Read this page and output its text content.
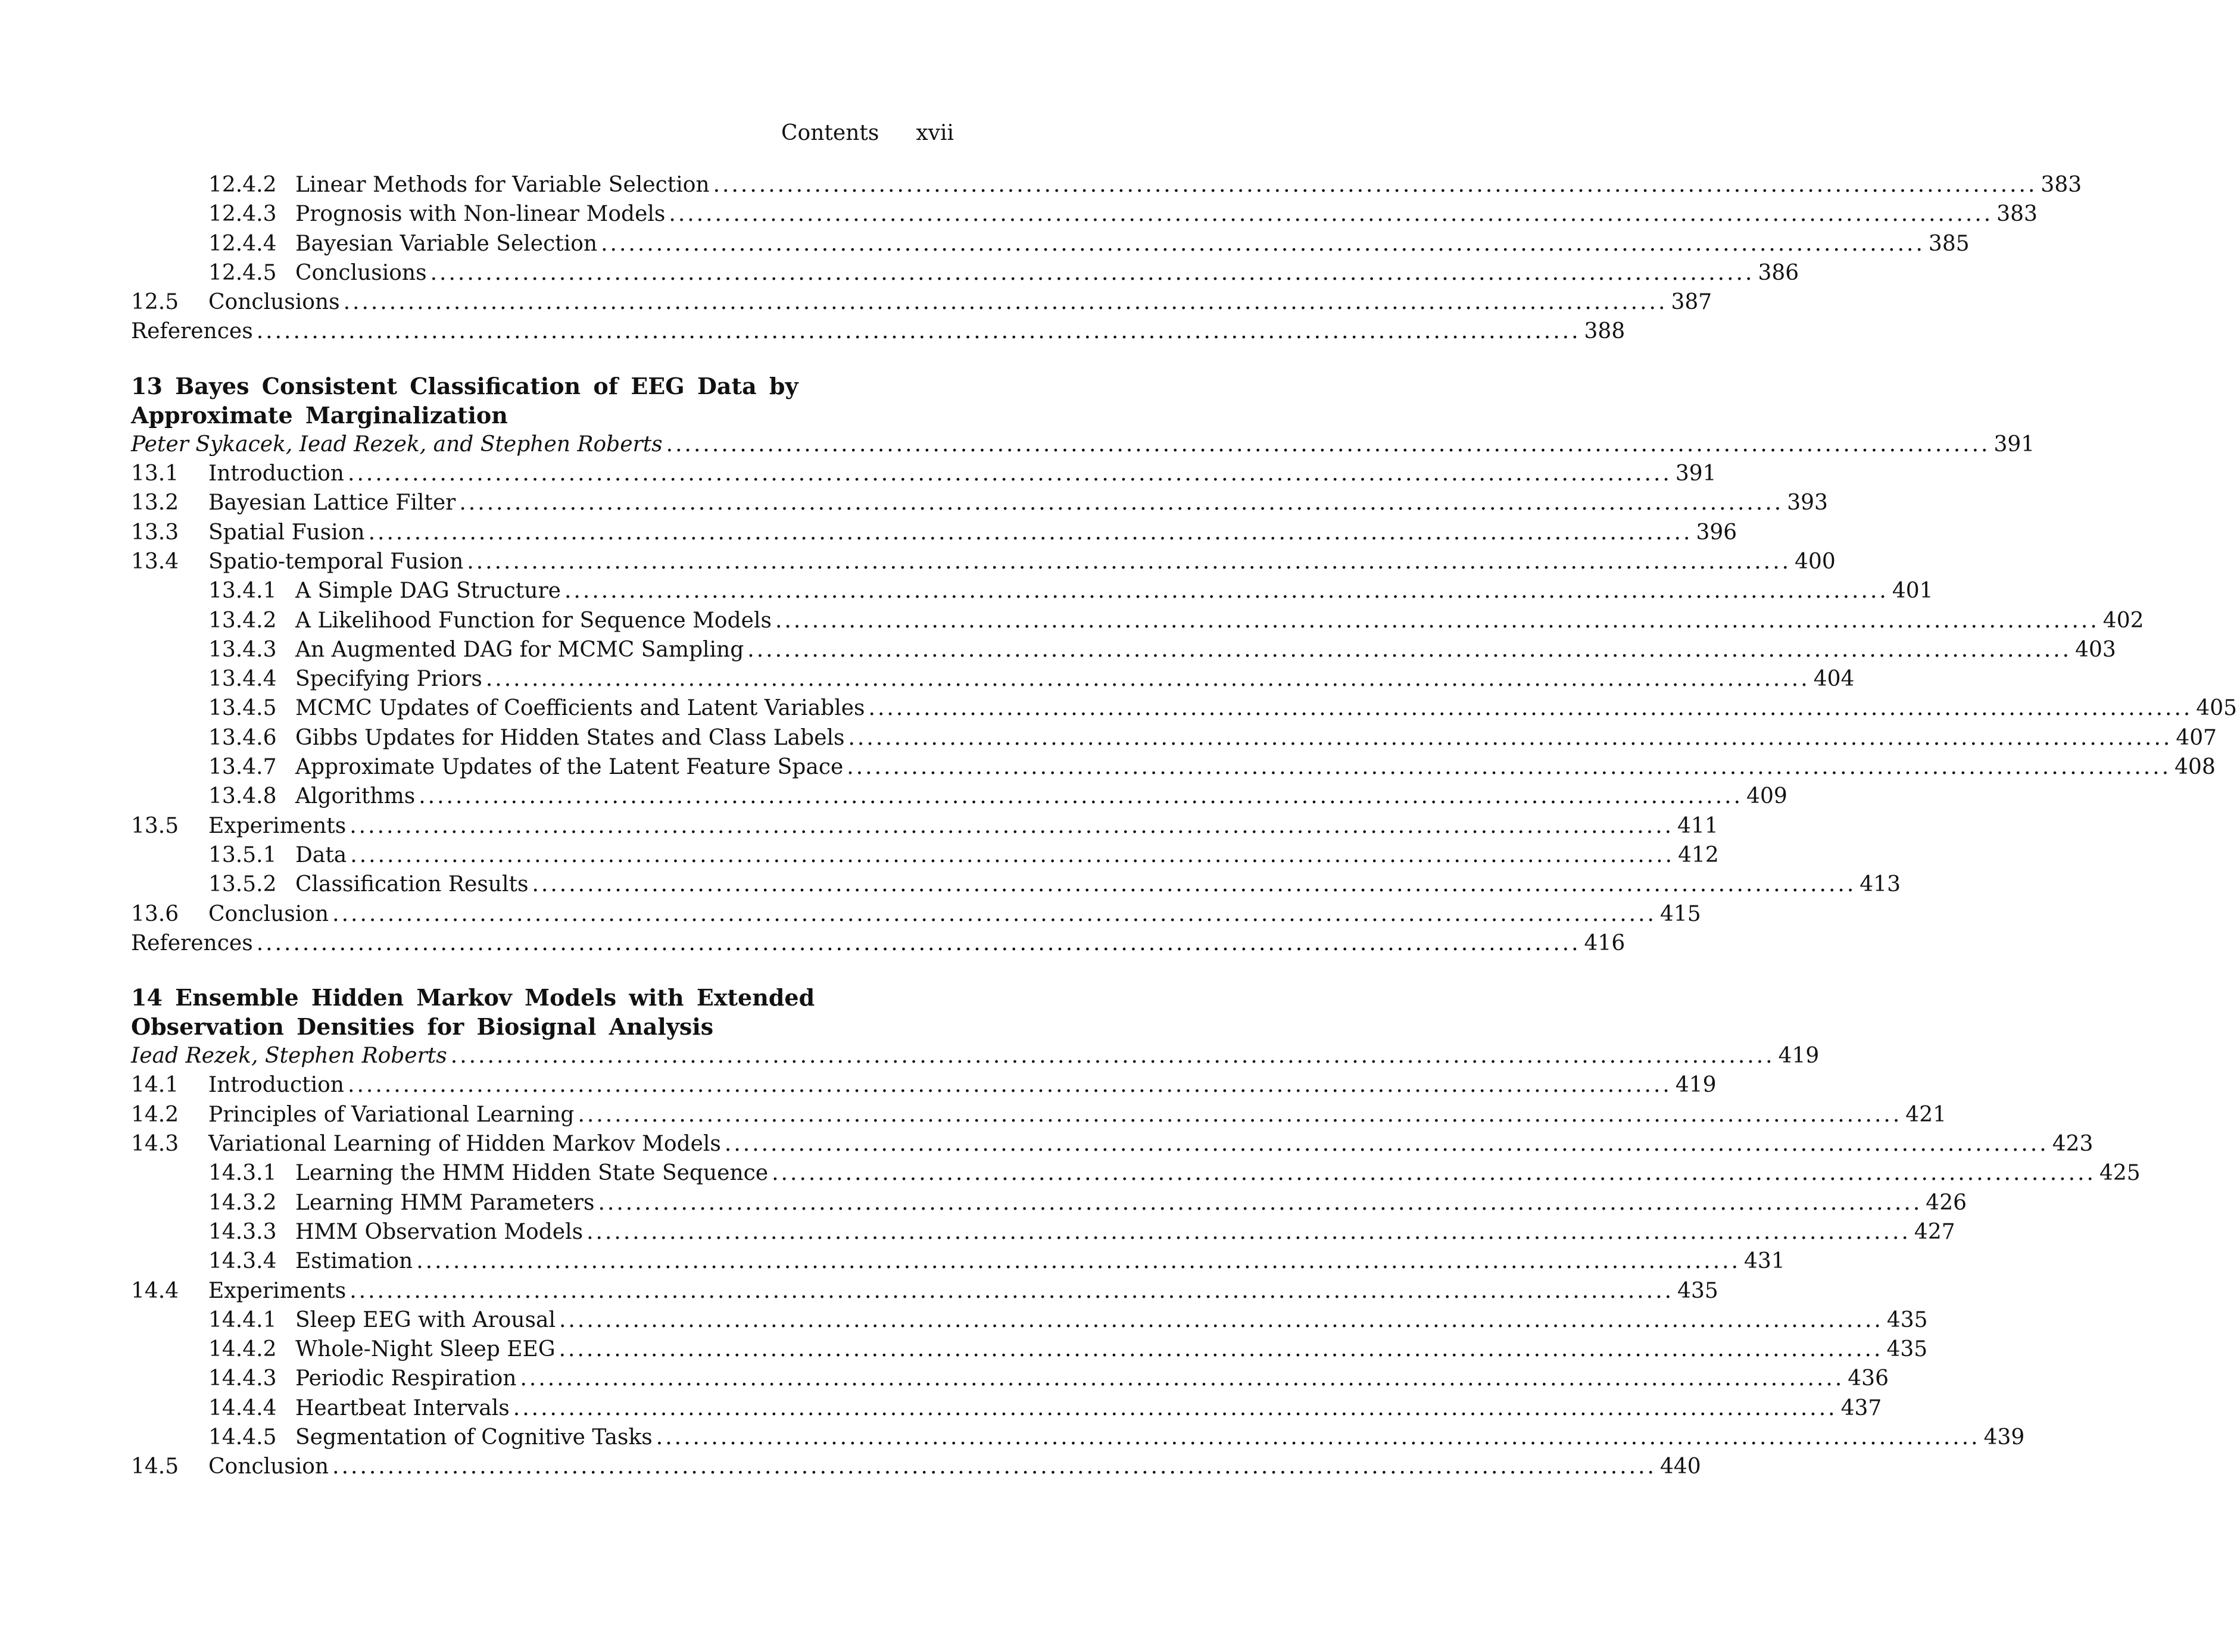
Contents xvii
12.4.2 Linear Methods for Variable Selection ................................................................................................................................................ 383
12.4.3 Prognosis with Non-linear Models ................................................................................................................................................ 383
12.4.4 Bayesian Variable Selection ................................................................................................................................................ 385
12.4.5 Conclusions ................................................................................................................................................ 386
12.5	Conclusions ................................................................................................................................................ 387
References ................................................................................................................................................ 388
13 Bayes Consistent Classification of EEG Data by
Approximate Marginalization
Peter Sykacek, Iead Rezek, and Stephen Roberts ................................................................................................................................................ 391
13.1	Introduction ................................................................................................................................................ 391
13.2	Bayesian Lattice Filter ................................................................................................................................................ 393
13.3	Spatial Fusion ................................................................................................................................................ 396
13.4	Spatio-temporal Fusion ................................................................................................................................................ 400
13.4.1 A Simple DAG Structure ................................................................................................................................................ 401
13.4.2 A Likelihood Function for Sequence Models ................................................................................................................................................ 402
13.4.3 An Augmented DAG for MCMC Sampling ................................................................................................................................................ 403
13.4.4 Specifying Priors ................................................................................................................................................ 404
13.4.5 MCMC Updates of Coefficients and Latent Variables ................................................................................................................................................ 405
13.4.6 Gibbs Updates for Hidden States and Class Labels ................................................................................................................................................ 407
13.4.7 Approximate Updates of the Latent Feature Space ................................................................................................................................................ 408
13.4.8 Algorithms ................................................................................................................................................ 409
13.5	Experiments ................................................................................................................................................ 411
13.5.1 Data ................................................................................................................................................ 412
13.5.2 Classification Results ................................................................................................................................................ 413
13.6	Conclusion ................................................................................................................................................ 415
References ................................................................................................................................................ 416
14 Ensemble Hidden Markov Models with Extended
Observation Densities for Biosignal Analysis
Iead Rezek, Stephen Roberts ................................................................................................................................................ 419
14.1	Introduction ................................................................................................................................................ 419
14.2	Principles of Variational Learning ................................................................................................................................................ 421
14.3	Variational Learning of Hidden Markov Models ................................................................................................................................................ 423
14.3.1 Learning the HMM Hidden State Sequence ................................................................................................................................................ 425
14.3.2 Learning HMM Parameters ................................................................................................................................................ 426
14.3.3 HMM Observation Models ................................................................................................................................................ 427
14.3.4 Estimation ................................................................................................................................................ 431
14.4	Experiments ................................................................................................................................................ 435
14.4.1 Sleep EEG with Arousal ................................................................................................................................................ 435
14.4.2 Whole-Night Sleep EEG ................................................................................................................................................ 435
14.4.3 Periodic Respiration ................................................................................................................................................ 436
14.4.4 Heartbeat Intervals ................................................................................................................................................ 437
14.4.5 Segmentation of Cognitive Tasks ................................................................................................................................................ 439
14.5	Conclusion ................................................................................................................................................ 440
